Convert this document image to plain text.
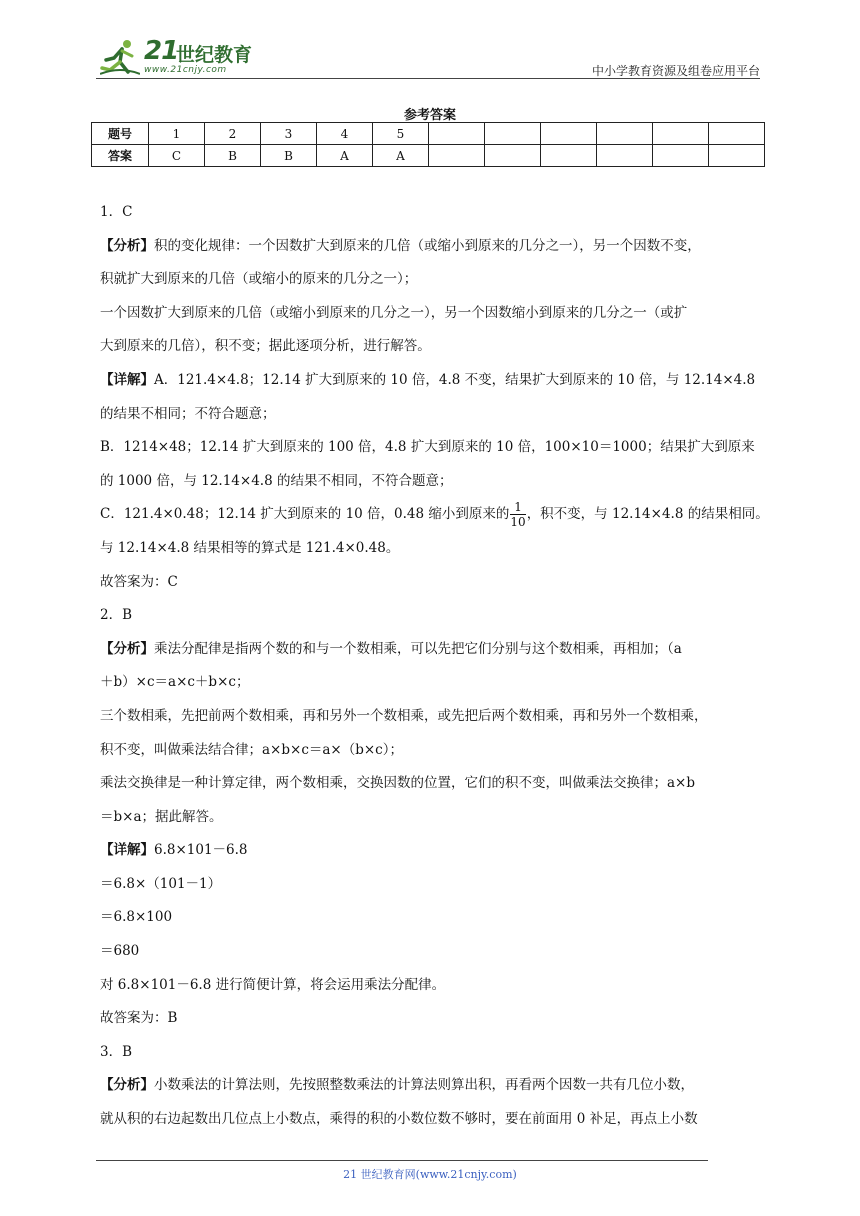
21
世纪教育
www.21cnjy.com	中小学教育资源及组卷应用平台
参考答案
题号	1	2	3	4	5						
答案	C	B	B	A	A						

1．C

【分析】积的变化规律：一个因数扩大到原来的几倍（或缩小到原来的几分之一），另一个因数不变，

积就扩大到原来的几倍（或缩小的原来的几分之一）；

一个因数扩大到原来的几倍（或缩小到原来的几分之一），另一个因数缩小到原来的几分之一（或扩

大到原来的几倍），积不变；据此逐项分析，进行解答。

【详解】A．121.4×4.8；12.14 扩大到原来的 10 倍，4.8 不变，结果扩大到原来的 10 倍，与 12.14×4.8

的结果不相同；不符合题意；

B．1214×48；12.14 扩大到原来的 100 倍，4.8 扩大到原来的 10 倍，100×10＝1000；结果扩大到原来

的 1000 倍，与 12.14×4.8 的结果不相同，不符合题意；

C．121.4×0.48；12.14 扩大到原来的 10 倍，0.48 缩小到原来的 $\frac{1}{10}$ ，积不变，与 12.14×4.8 的结果相同。

与 12.14×4.8 结果相等的算式是 121.4×0.48。

故答案为：C

2．B

【分析】乘法分配律是指两个数的和与一个数相乘，可以先把它们分别与这个数相乘，再相加；（a

＋b）×c＝a×c＋b×c；

三个数相乘，先把前两个数相乘，再和另外一个数相乘，或先把后两个数相乘，再和另外一个数相乘，

积不变，叫做乘法结合律；a×b×c＝a×（b×c）；

乘法交换律是一种计算定律，两个数相乘，交换因数的位置，它们的积不变，叫做乘法交换律；a×b

＝b×a；据此解答。

【详解】6.8×101－6.8

＝6.8×（101－1）

＝6.8×100

＝680

对 6.8×101－6.8 进行简便计算，将会运用乘法分配律。

故答案为：B

3．B

【分析】小数乘法的计算法则，先按照整数乘法的计算法则算出积，再看两个因数一共有几位小数，

就从积的右边起数出几位点上小数点，乘得的积的小数位数不够时，要在前面用 0 补足，再点上小数

21 世纪教育网(www.21cnjy.com)
